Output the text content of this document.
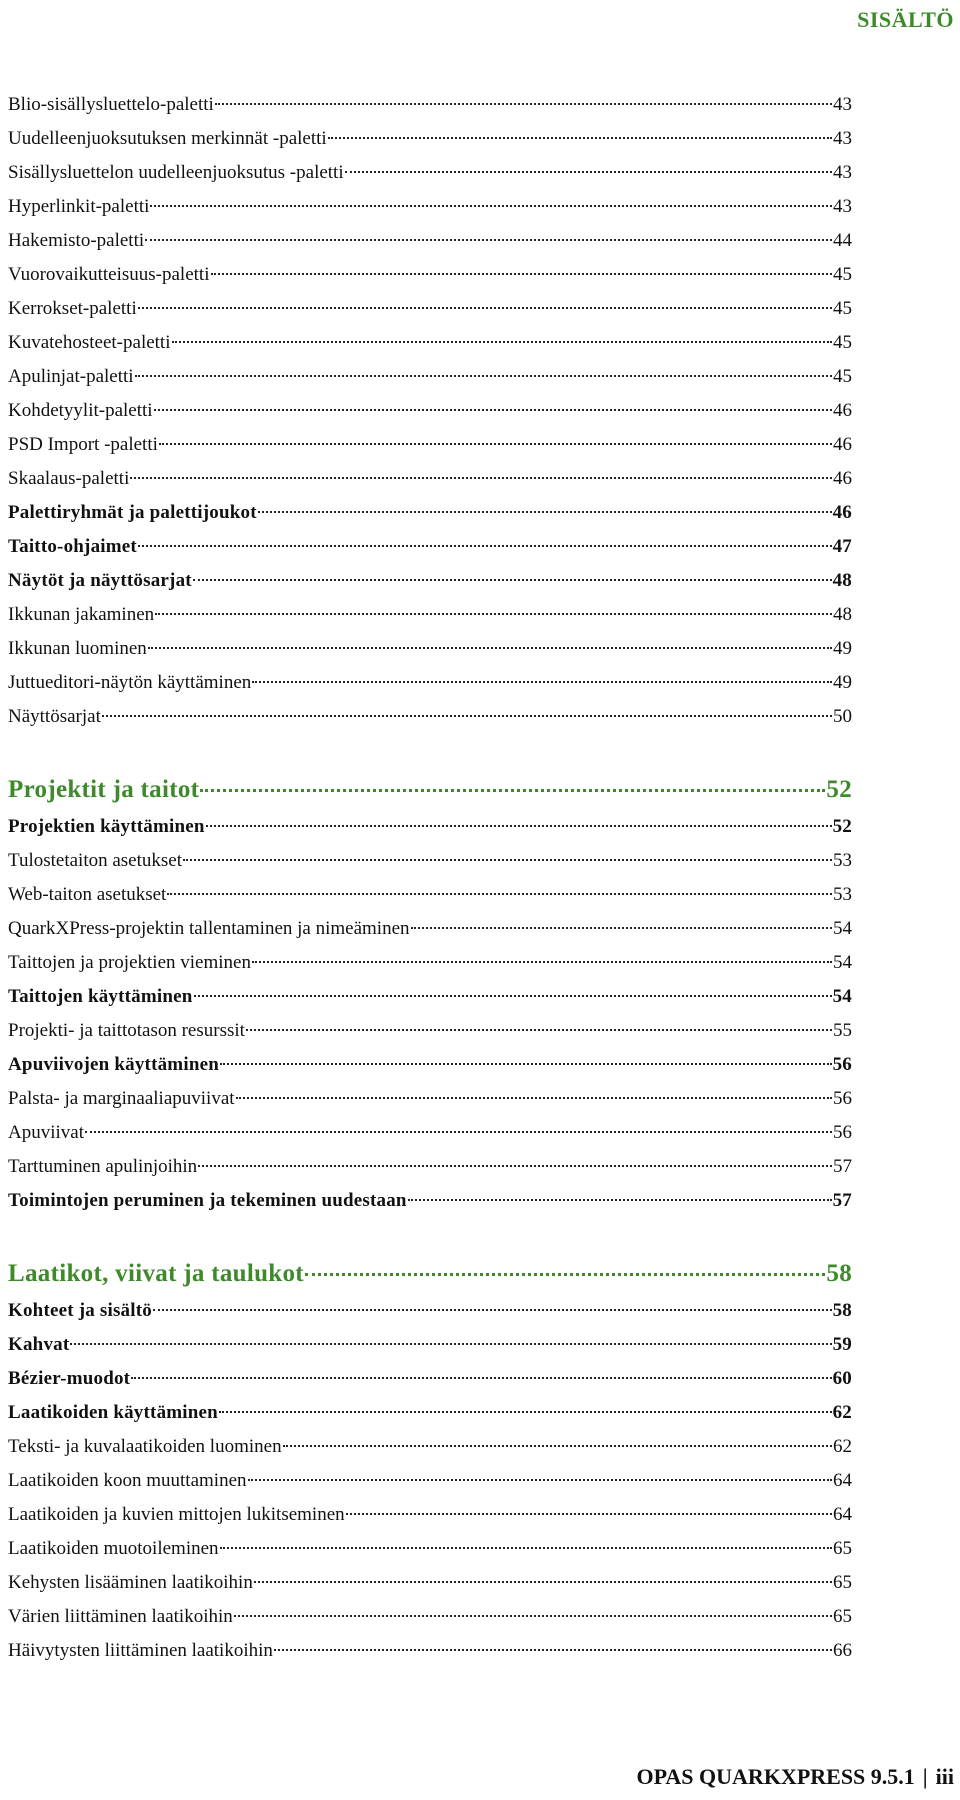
SISÄLTÖ
Blio-sisällysluettelo-paletti	43
Uudelleenjuoksutuksen merkinnät -paletti	43
Sisällysluettelon uudelleenjuoksutus -paletti	43
Hyperlinkit-paletti	43
Hakemisto-paletti	44
Vuorovaikutteisuus-paletti	45
Kerrokset-paletti	45
Kuvatehosteet-paletti	45
Apulinjat-paletti	45
Kohdetyylit-paletti	46
PSD Import -paletti	46
Skaalaus-paletti	46
Palettiryhmät ja palettijoukot	46
Taitto-ohjaimet	47
Näytöt ja näyttösarjat	48
Ikkunan jakaminen	48
Ikkunan luominen	49
Juttueditori-näytön käyttäminen	49
Näyttösarjat	50
Projektit ja taitot	52
Projektien käyttäminen	52
Tulostetaiton asetukset	53
Web-taiton asetukset	53
QuarkXPress-projektin tallentaminen ja nimeäminen	54
Taittojen ja projektien vieminen	54
Taittojen käyttäminen	54
Projekti- ja taittotason resurssit	55
Apuviivojen käyttäminen	56
Palsta- ja marginaaliapuviivat	56
Apuviivat	56
Tarttuminen apulinjoihin	57
Toimintojen peruminen ja tekeminen uudestaan	57
Laatikot, viivat ja taulukot	58
Kohteet ja sisältö	58
Kahvat	59
Bézier-muodot	60
Laatikoiden käyttäminen	62
Teksti- ja kuvalaatikoiden luominen	62
Laatikoiden koon muuttaminen	64
Laatikoiden ja kuvien mittojen lukitseminen	64
Laatikoiden muotoileminen	65
Kehysten lisääminen laatikoihin	65
Värien liittäminen laatikoihin	65
Häivytysten liittäminen laatikoihin	66
OPAS QUARKXPRESS 9.5.1 | iii
